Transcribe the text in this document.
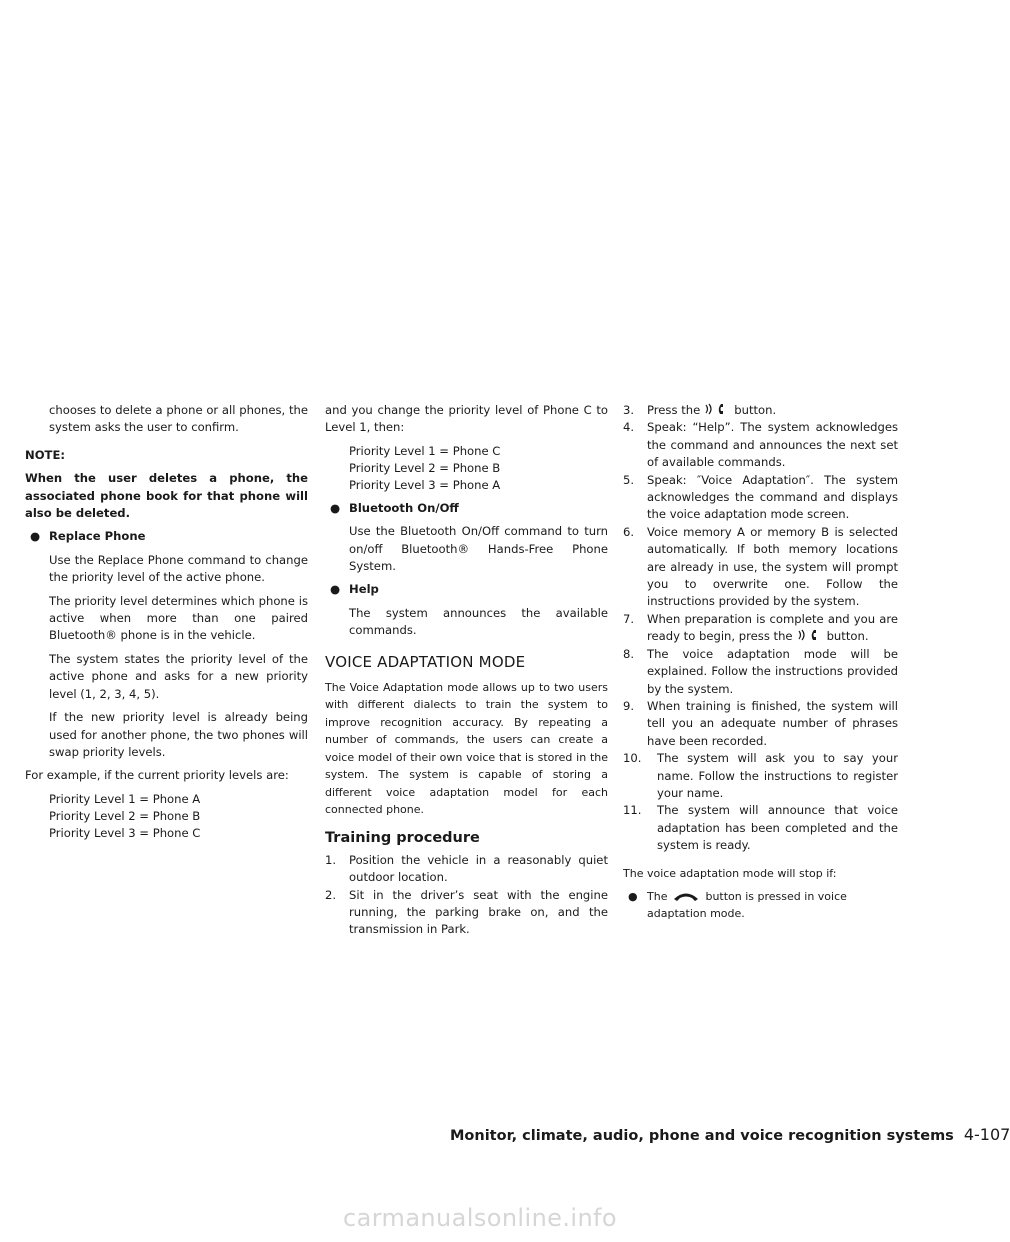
chooses to delete a phone or all phones, the system asks the user to confirm.

NOTE:

When the user deletes a phone, the associated phone book for that phone will also be deleted.

● Replace Phone

Use the Replace Phone command to change the priority level of the active phone.

The priority level determines which phone is active when more than one paired Bluetooth® phone is in the vehicle.

The system states the priority level of the active phone and asks for a new priority level (1, 2, 3, 4, 5).

If the new priority level is already being used for another phone, the two phones will swap priority levels.

For example, if the current priority levels are:

Priority Level 1 = Phone A

Priority Level 2 = Phone B

Priority Level 3 = Phone C

and you change the priority level of Phone C to Level 1, then:

Priority Level 1 = Phone C

Priority Level 2 = Phone B

Priority Level 3 = Phone A

● Bluetooth On/Off

Use the Bluetooth On/Off command to turn on/off Bluetooth® Hands-Free Phone System.

● Help

The system announces the available commands.

VOICE ADAPTATION MODE

The Voice Adaptation mode allows up to two users with different dialects to train the system to improve recognition accuracy. By repeating a number of commands, the users can create a voice model of their own voice that is stored in the system. The system is capable of storing a different voice adaptation model for each connected phone.

Training procedure
1. Position the vehicle in a reasonably quiet outdoor location.
2. Sit in the driver’s seat with the engine running, the parking brake on, and the transmission in Park.
3. Press the	button.
4. Speak: “Help”. The system acknowledges the command and announces the next set of available commands.
5. Speak: ″Voice Adaptation″. The system acknowledges the command and displays the voice adaptation mode screen.
6. Voice memory A or memory B is selected automatically. If both memory locations are already in use, the system will prompt you to overwrite one. Follow the instructions provided by the system.
7. When preparation is complete and you are ready to begin, press the	button.
8. The voice adaptation mode will be explained. Follow the instructions provided by the system.
9. When training is finished, the system will tell you an adequate number of phrases have been recorded.
10. The system will ask you to say your name. Follow the instructions to register your name.
11. The system will announce that voice adaptation has been completed and the system is ready.

The voice adaptation mode will stop if:

● The	button is pressed in voice adaptation mode.
Monitor, climate, audio, phone and voice recognition systems 4-107
carmanualsonline.info
